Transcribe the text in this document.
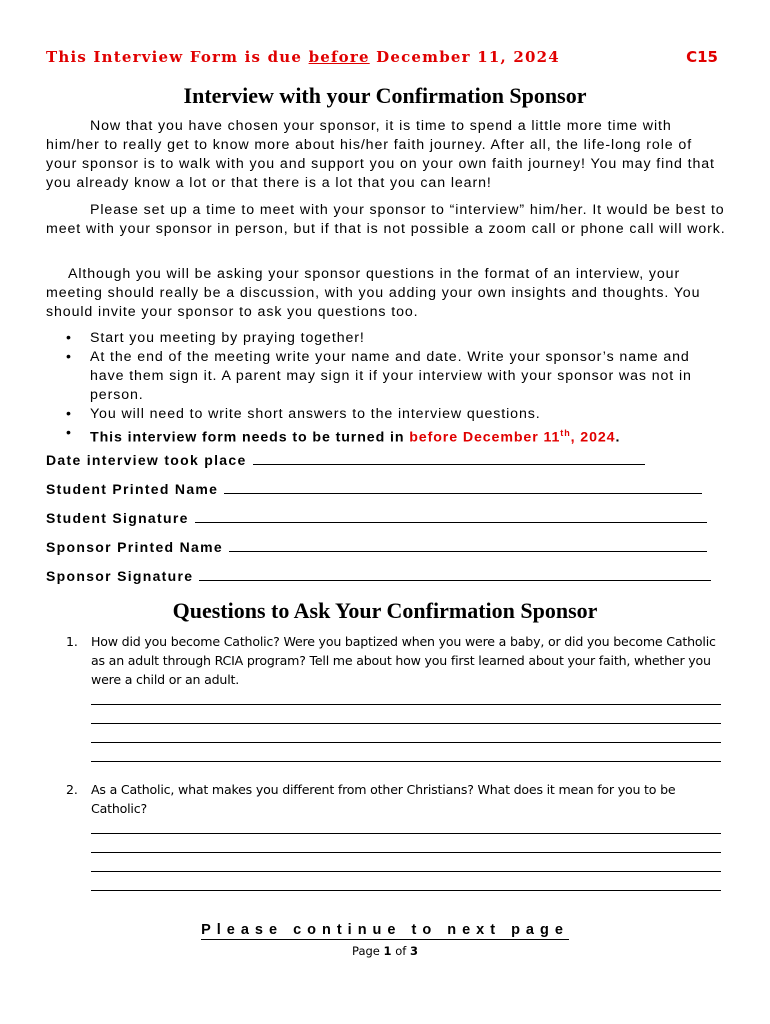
This Interview Form is due before December 11, 2024	C15
Interview with your Confirmation Sponsor

Now that you have chosen your sponsor, it is time to spend a little more time with him/her to really get to know more about his/her faith journey. After all, the life-long role of your sponsor is to walk with you and support you on your own faith journey! You may find that you already know a lot or that there is a lot that you can learn!

Please set up a time to meet with your sponsor to “interview” him/her. It would be best to meet with your sponsor in person, but if that is not possible a zoom call or phone call will work.

Although you will be asking your sponsor questions in the format of an interview, your meeting should really be a discussion, with you adding your own insights and thoughts. You should invite your sponsor to ask you questions too.

• Start you meeting by praying together!
• At the end of the meeting write your name and date. Write your sponsor’s name and have them sign it. A parent may sign it if your interview with your sponsor was not in person.
• You will need to write short answers to the interview questions.
• This interview form needs to be turned in before December 11th, 2024.
Date interview took place
Student Printed Name
Student Signature
Sponsor Printed Name
Sponsor Signature
Questions to Ask Your Confirmation Sponsor
1. How did you become Catholic? Were you baptized when you were a baby, or did you become Catholic as an adult through RCIA program? Tell me about how you first learned about your faith, whether you were a child or an adult.
2. As a Catholic, what makes you different from other Christians? What does it mean for you to be Catholic?
Please continue to next page
Page 1 of 3
